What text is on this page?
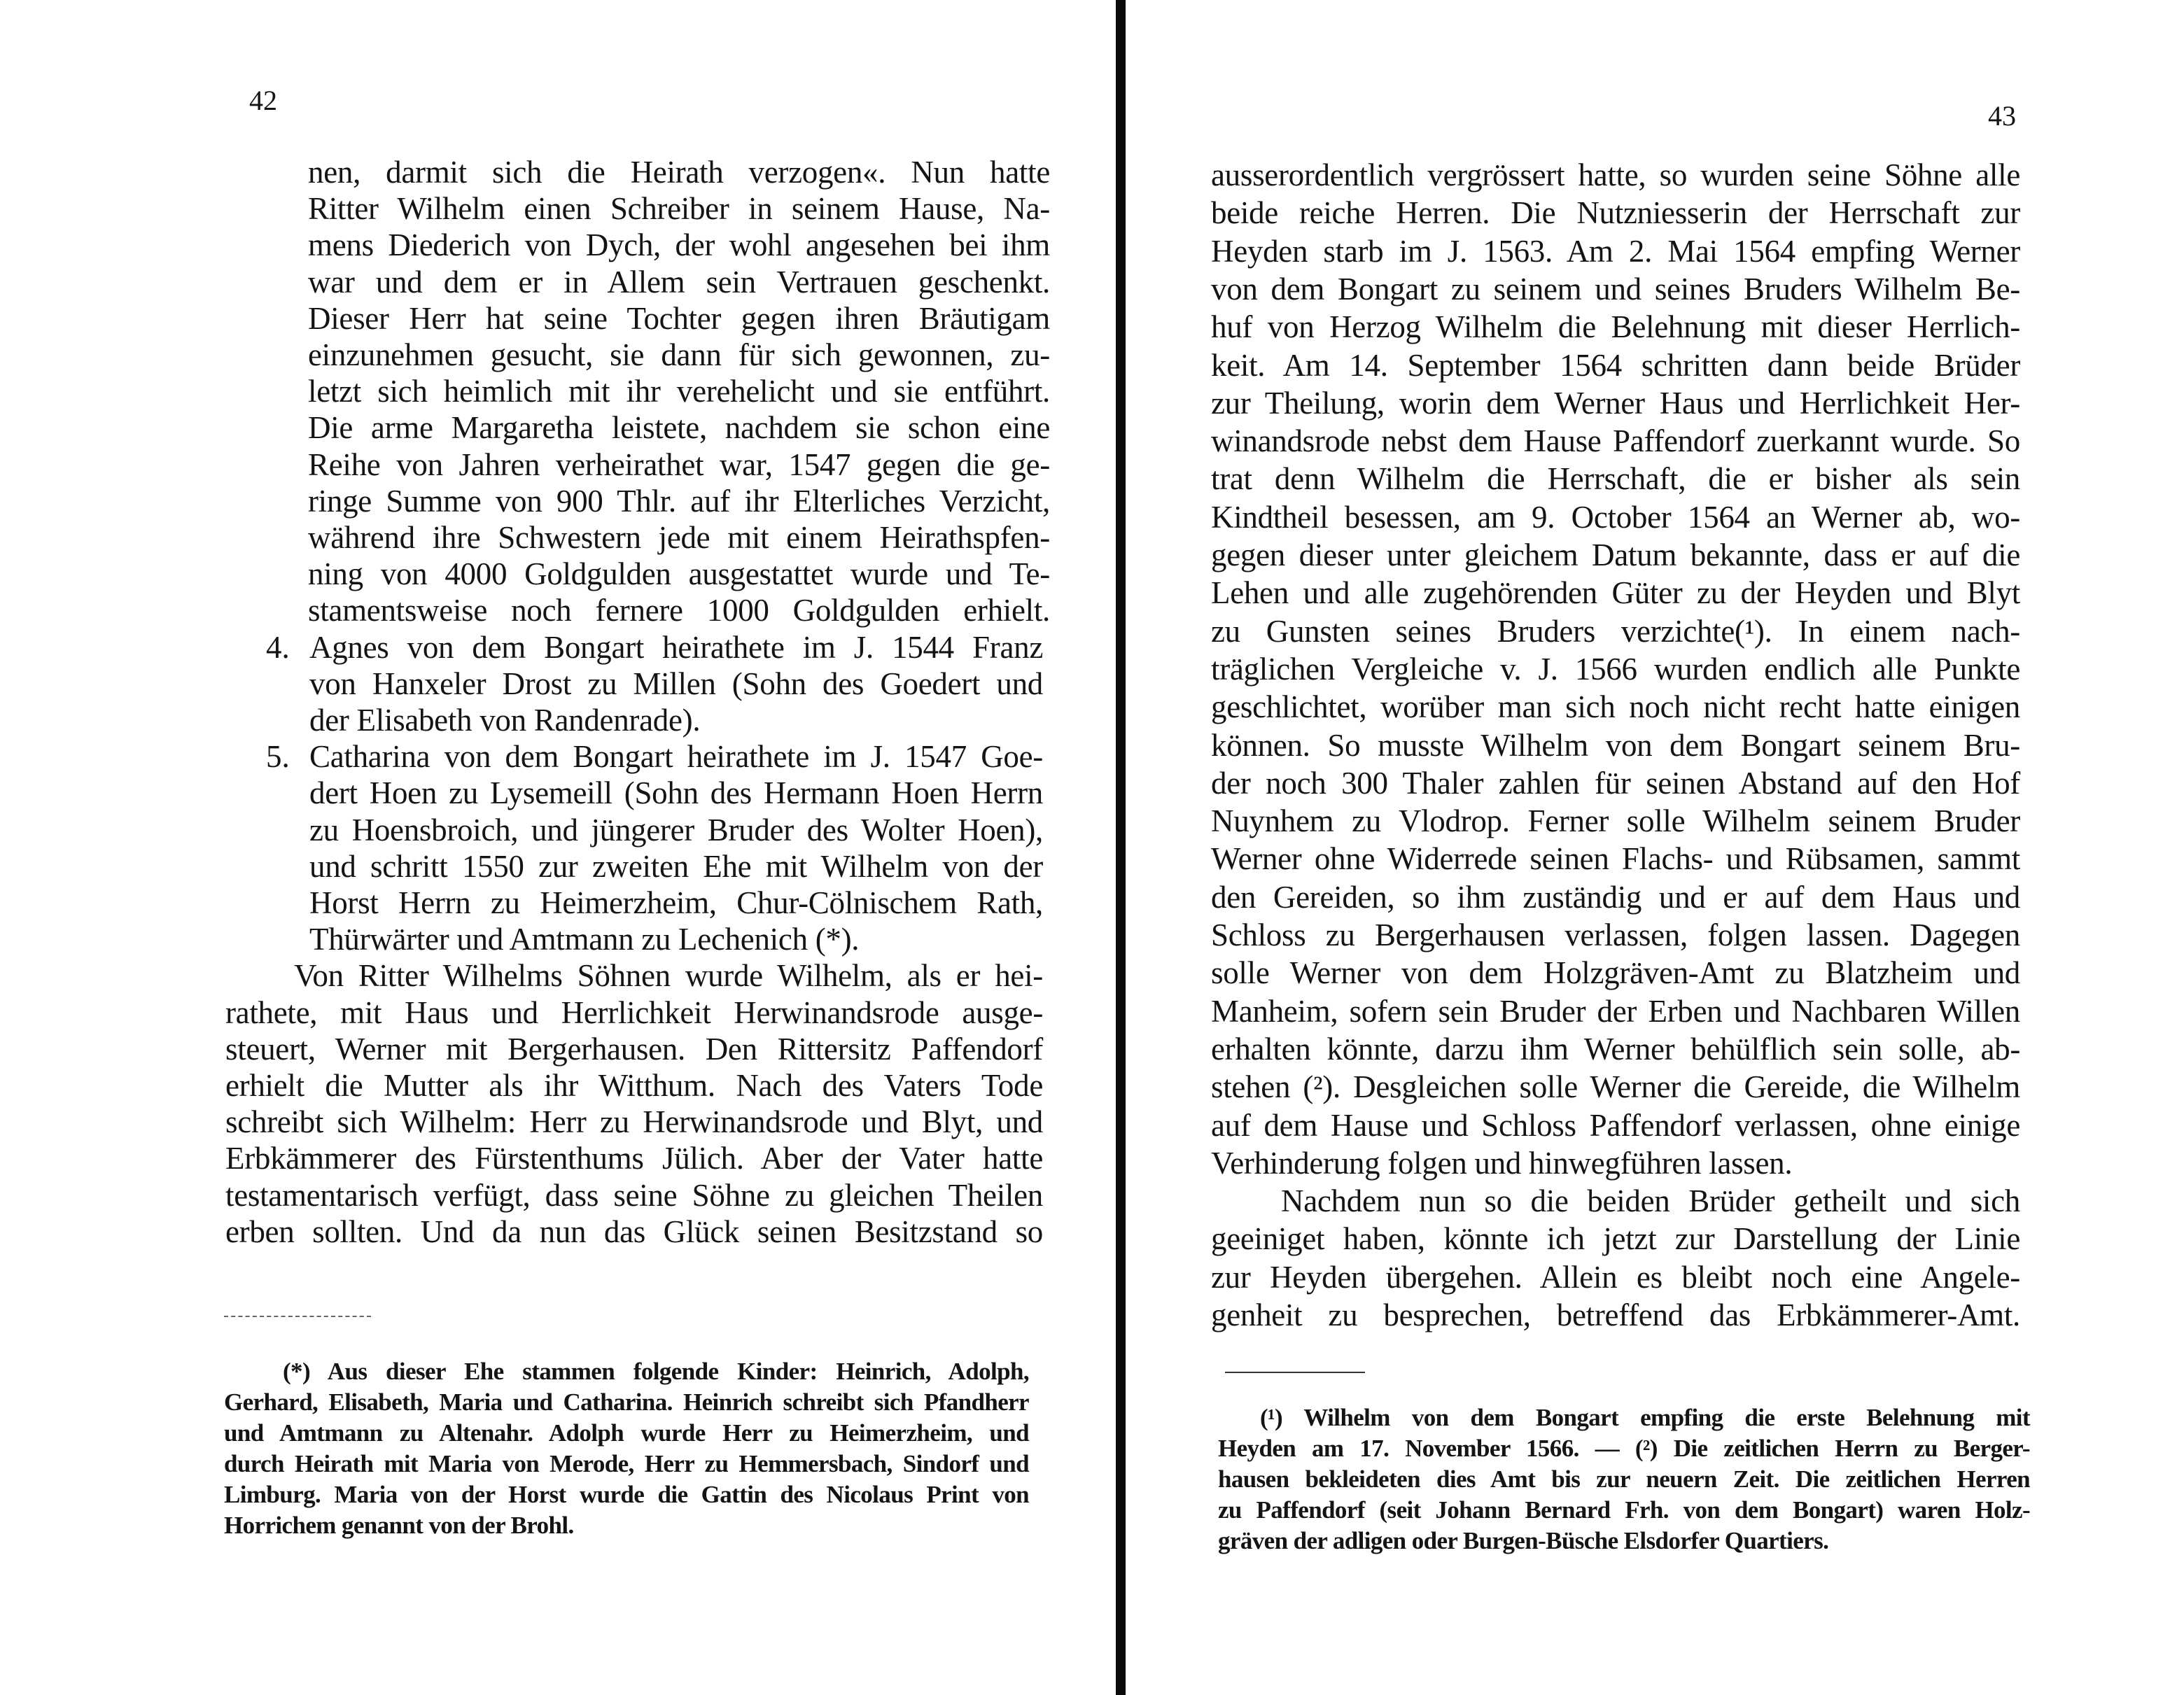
42	43
4.
5.
nen, darmit sich die Heirath verzogen«. Nun hatte
Ritter Wilhelm einen Schreiber in seinem Hause, Na-
mens Diederich von Dych, der wohl angesehen bei ihm
war und dem er in Allem sein Vertrauen geschenkt.
Dieser Herr hat seine Tochter gegen ihren Bräutigam
einzunehmen gesucht, sie dann für sich gewonnen, zu-
letzt sich heimlich mit ihr verehelicht und sie entführt.
Die arme Margaretha leistete, nachdem sie schon eine
Reihe von Jahren verheirathet war, 1547 gegen die ge-
ringe Summe von 900 Thlr. auf ihr Elterliches Verzicht,
während ihre Schwestern jede mit einem Heirathspfen-
ning von 4000 Goldgulden ausgestattet wurde und Te-
stamentsweise noch fernere 1000 Goldgulden erhielt.
Agnes von dem Bongart heirathete im J. 1544 Franz
von Hanxeler Drost zu Millen (Sohn des Goedert und
der Elisabeth von Randenrade).
Catharina von dem Bongart heirathete im J. 1547 Goe-
dert Hoen zu Lysemeill (Sohn des Hermann Hoen Herrn
zu Hoensbroich, und jüngerer Bruder des Wolter Hoen),
und schritt 1550 zur zweiten Ehe mit Wilhelm von der
Horst Herrn zu Heimerzheim, Chur-Cölnischem Rath,
Thürwärter und Amtmann zu Lechenich (*).
Von Ritter Wilhelms Söhnen wurde Wilhelm, als er hei-
rathete, mit Haus und Herrlichkeit Herwinandsrode ausge-
steuert, Werner mit Bergerhausen. Den Rittersitz Paffendorf
erhielt die Mutter als ihr Witthum. Nach des Vaters Tode
schreibt sich Wilhelm: Herr zu Herwinandsrode und Blyt, und
Erbkämmerer des Fürstenthums Jülich. Aber der Vater hatte
testamentarisch verfügt, dass seine Söhne zu gleichen Theilen
erben sollten. Und da nun das Glück seinen Besitzstand so
(*) Aus dieser Ehe stammen folgende Kinder: Heinrich, Adolph,
Gerhard, Elisabeth, Maria und Catharina. Heinrich schreibt sich Pfandherr
und Amtmann zu Altenahr. Adolph wurde Herr zu Heimerzheim, und
durch Heirath mit Maria von Merode, Herr zu Hemmersbach, Sindorf und
Limburg. Maria von der Horst wurde die Gattin des Nicolaus Print von
Horrichem genannt von der Brohl.
ausserordentlich vergrössert hatte, so wurden seine Söhne alle
beide reiche Herren. Die Nutzniesserin der Herrschaft zur
Heyden starb im J. 1563. Am 2. Mai 1564 empfing Werner
von dem Bongart zu seinem und seines Bruders Wilhelm Be-
huf von Herzog Wilhelm die Belehnung mit dieser Herrlich-
keit. Am 14. September 1564 schritten dann beide Brüder
zur Theilung, worin dem Werner Haus und Herrlichkeit Her-
winandsrode nebst dem Hause Paffendorf zuerkannt wurde. So
trat denn Wilhelm die Herrschaft, die er bisher als sein
Kindtheil besessen, am 9. October 1564 an Werner ab, wo-
gegen dieser unter gleichem Datum bekannte, dass er auf die
Lehen und alle zugehörenden Güter zu der Heyden und Blyt
zu Gunsten seines Bruders verzichte(¹). In einem nach-
träglichen Vergleiche v. J. 1566 wurden endlich alle Punkte
geschlichtet, worüber man sich noch nicht recht hatte einigen
können. So musste Wilhelm von dem Bongart seinem Bru-
der noch 300 Thaler zahlen für seinen Abstand auf den Hof
Nuynhem zu Vlodrop. Ferner solle Wilhelm seinem Bruder
Werner ohne Widerrede seinen Flachs- und Rübsamen, sammt
den Gereiden, so ihm zuständig und er auf dem Haus und
Schloss zu Bergerhausen verlassen, folgen lassen. Dagegen
solle Werner von dem Holzgräven-Amt zu Blatzheim und
Manheim, sofern sein Bruder der Erben und Nachbaren Willen
erhalten könnte, darzu ihm Werner behülflich sein solle, ab-
stehen (²). Desgleichen solle Werner die Gereide, die Wilhelm
auf dem Hause und Schloss Paffendorf verlassen, ohne einige
Verhinderung folgen und hinwegführen lassen.
Nachdem nun so die beiden Brüder getheilt und sich
geeiniget haben, könnte ich jetzt zur Darstellung der Linie
zur Heyden übergehen. Allein es bleibt noch eine Angele-
genheit zu besprechen, betreffend das Erbkämmerer-Amt.
(¹) Wilhelm von dem Bongart empfing die erste Belehnung mit
Heyden am 17. November 1566. — (²) Die zeitlichen Herrn zu Berger-
hausen bekleideten dies Amt bis zur neuern Zeit. Die zeitlichen Herren
zu Paffendorf (seit Johann Bernard Frh. von dem Bongart) waren Holz-
gräven der adligen oder Burgen-Büsche Elsdorfer Quartiers.
